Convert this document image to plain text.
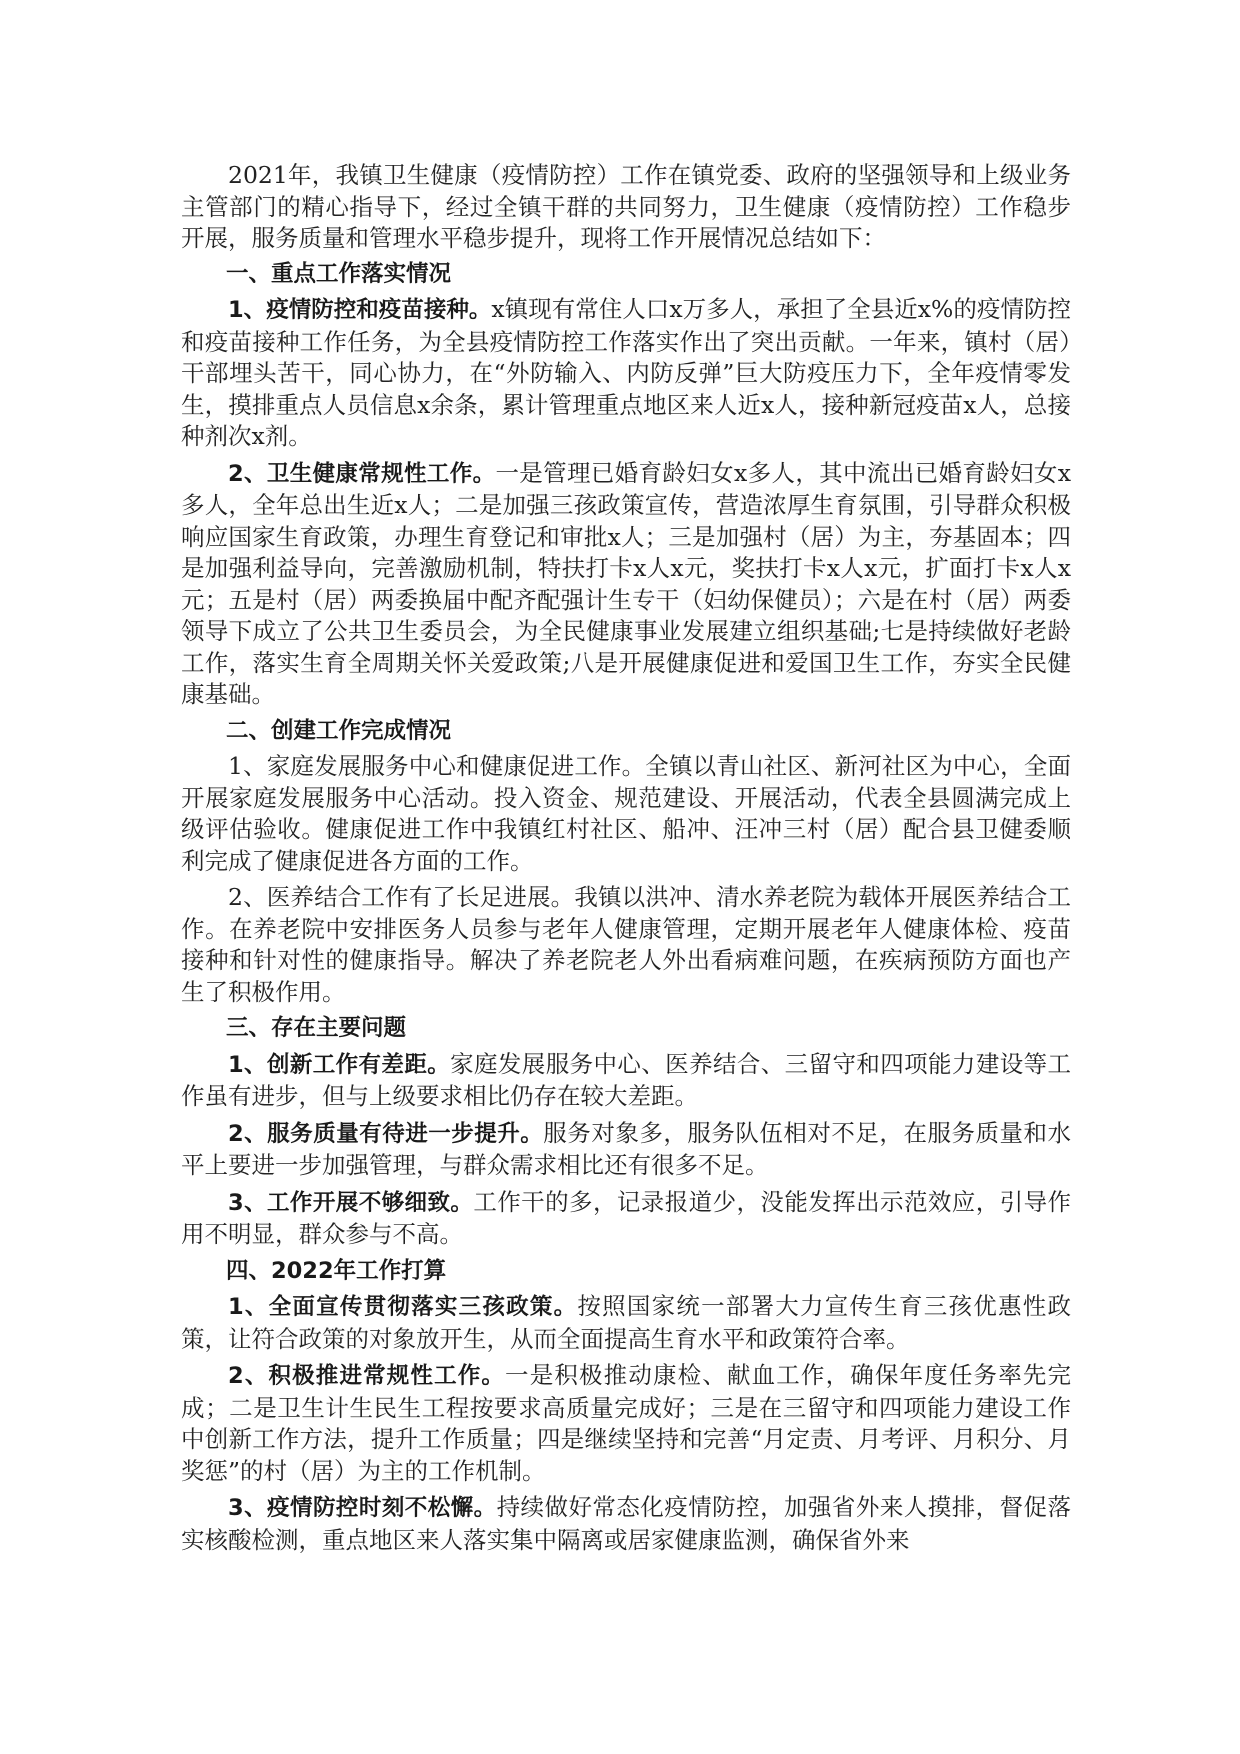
2021年，我镇卫生健康（疫情防控）工作在镇党委、政府的坚强领导和上级业务主管部门的精心指导下，经过全镇干群的共同努力，卫生健康（疫情防控）工作稳步开展，服务质量和管理水平稳步提升，现将工作开展情况总结如下：

一、重点工作落实情况

1、疫情防控和疫苗接种。x镇现有常住人口x万多人，承担了全县近x%的疫情防控和疫苗接种工作任务，为全县疫情防控工作落实作出了突出贡献。一年来，镇村（居）干部埋头苦干，同心协力，在“外防输入、内防反弹”巨大防疫压力下，全年疫情零发生，摸排重点人员信息x余条，累计管理重点地区来人近x人，接种新冠疫苗x人，总接种剂次x剂。

2、卫生健康常规性工作。一是管理已婚育龄妇女x多人，其中流出已婚育龄妇女x多人，全年总出生近x人；二是加强三孩政策宣传，营造浓厚生育氛围，引导群众积极响应国家生育政策，办理生育登记和审批x人；三是加强村（居）为主，夯基固本；四是加强利益导向，完善激励机制，特扶打卡x人x元，奖扶打卡x人x元，扩面打卡x人x元；五是村（居）两委换届中配齐配强计生专干（妇幼保健员）；六是在村（居）两委领导下成立了公共卫生委员会，为全民健康事业发展建立组织基础;七是持续做好老龄工作，落实生育全周期关怀关爱政策;八是开展健康促进和爱国卫生工作，夯实全民健康基础。

二、创建工作完成情况

1、家庭发展服务中心和健康促进工作。全镇以青山社区、新河社区为中心，全面开展家庭发展服务中心活动。投入资金、规范建设、开展活动，代表全县圆满完成上级评估验收。健康促进工作中我镇红村社区、船冲、汪冲三村（居）配合县卫健委顺利完成了健康促进各方面的工作。

2、医养结合工作有了长足进展。我镇以洪冲、清水养老院为载体开展医养结合工作。在养老院中安排医务人员参与老年人健康管理，定期开展老年人健康体检、疫苗接种和针对性的健康指导。解决了养老院老人外出看病难问题，在疾病预防方面也产生了积极作用。

三、存在主要问题

1、创新工作有差距。家庭发展服务中心、医养结合、三留守和四项能力建设等工作虽有进步，但与上级要求相比仍存在较大差距。

2、服务质量有待进一步提升。服务对象多，服务队伍相对不足，在服务质量和水平上要进一步加强管理，与群众需求相比还有很多不足。

3、工作开展不够细致。工作干的多，记录报道少，没能发挥出示范效应，引导作用不明显，群众参与不高。

四、2022年工作打算

1、全面宣传贯彻落实三孩政策。按照国家统一部署大力宣传生育三孩优惠性政策，让符合政策的对象放开生，从而全面提高生育水平和政策符合率。

2、积极推进常规性工作。一是积极推动康检、献血工作，确保年度任务率先完成；二是卫生计生民生工程按要求高质量完成好；三是在三留守和四项能力建设工作中创新工作方法，提升工作质量；四是继续坚持和完善“月定责、月考评、月积分、月奖惩”的村（居）为主的工作机制。

3、疫情防控时刻不松懈。持续做好常态化疫情防控，加强省外来人摸排，督促落实核酸检测，重点地区来人落实集中隔离或居家健康监测，确保省外来
